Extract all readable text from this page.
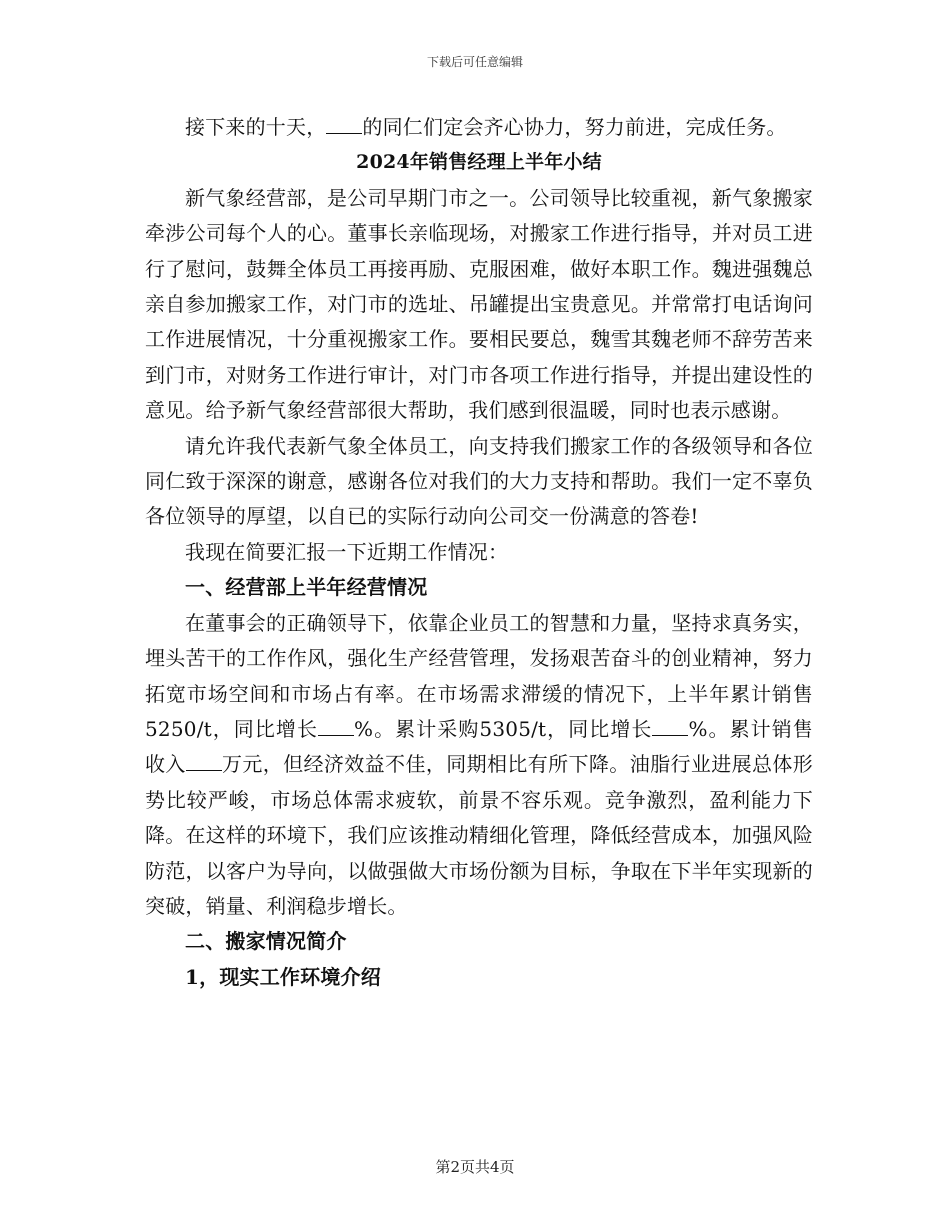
下载后可任意编辑

接下来的十天， 的同仁们定会齐心协力，努力前进，完成任务。

2024年销售经理上半年小结

新气象经营部，是公司早期门市之一。公司领导比较重视，新气象搬家牵涉公司每个人的心。董事长亲临现场，对搬家工作进行指导，并对员工进行了慰问，鼓舞全体员工再接再励、克服困难，做好本职工作。魏进强魏总亲自参加搬家工作，对门市的选址、吊罐提出宝贵意见。并常常打电话询问工作进展情况，十分重视搬家工作。要相民要总，魏雪其魏老师不辞劳苦来到门市，对财务工作进行审计，对门市各项工作进行指导，并提出建设性的意见。给予新气象经营部很大帮助，我们感到很温暖，同时也表示感谢。

请允许我代表新气象全体员工，向支持我们搬家工作的各级领导和各位同仁致于深深的谢意，感谢各位对我们的大力支持和帮助。我们一定不辜负各位领导的厚望，以自已的实际行动向公司交一份满意的答卷!

我现在简要汇报一下近期工作情况：

一、经营部上半年经营情况

在董事会的正确领导下，依靠企业员工的智慧和力量，坚持求真务实，埋头苦干的工作作风，强化生产经营管理，发扬艰苦奋斗的创业精神，努力拓宽市场空间和市场占有率。在市场需求滞缓的情况下，上半年累计销售5250/t，同比增长 %。累计采购5305/t，同比增长 %。累计销售收入 万元，但经济效益不佳，同期相比有所下降。油脂行业进展总体形势比较严峻，市场总体需求疲软，前景不容乐观。竞争激烈，盈利能力下降。在这样的环境下，我们应该推动精细化管理，降低经营成本，加强风险防范，以客户为导向，以做强做大市场份额为目标，争取在下半年实现新的突破，销量、利润稳步增长。

二、搬家情况简介

1，现实工作环境介绍

第2页共4页
